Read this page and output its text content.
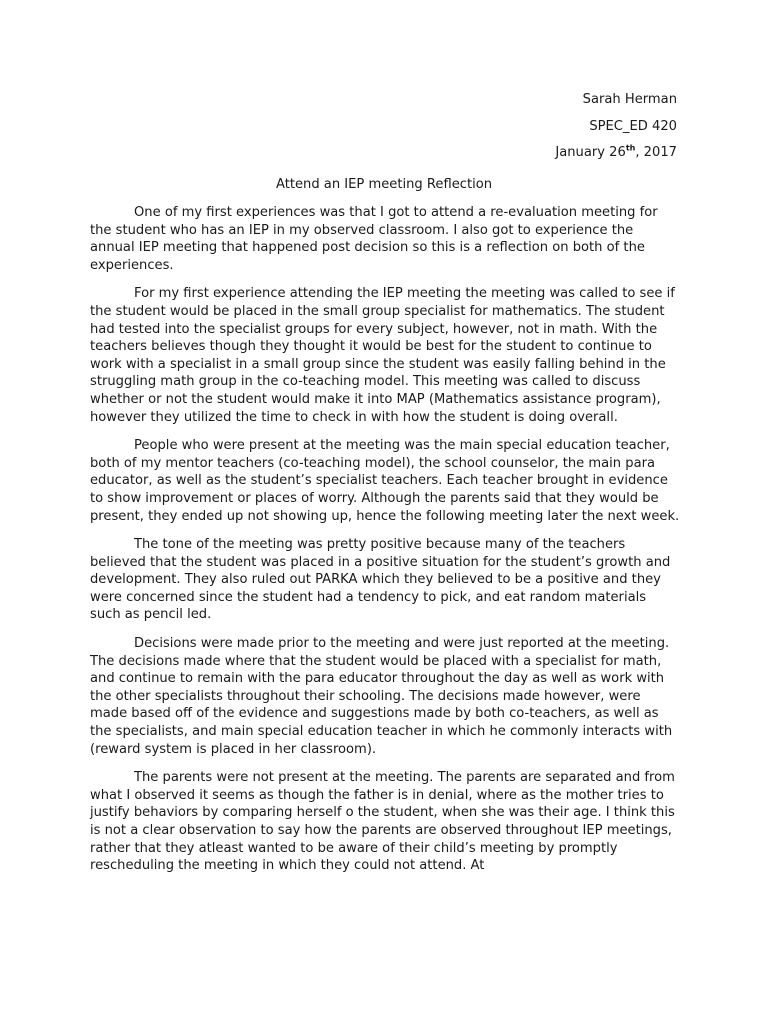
Sarah Herman
SPEC_ED 420
January 26th, 2017
Attend an IEP meeting Reflection

One of my first experiences was that I got to attend a re-evaluation meeting for the student who has an IEP in my observed classroom. I also got to experience the annual IEP meeting that happened post decision so this is a reflection on both of the experiences.

For my first experience attending the IEP meeting the meeting was called to see if the student would be placed in the small group specialist for mathematics. The student had tested into the specialist groups for every subject, however, not in math. With the teachers believes though they thought it would be best for the student to continue to work with a specialist in a small group since the student was easily falling behind in the struggling math group in the co-teaching model. This meeting was called to discuss whether or not the student would make it into MAP (Mathematics assistance program), however they utilized the time to check in with how the student is doing overall.

People who were present at the meeting was the main special education teacher, both of my mentor teachers (co-teaching model), the school counselor, the main para educator, as well as the student’s specialist teachers. Each teacher brought in evidence to show improvement or places of worry. Although the parents said that they would be present, they ended up not showing up, hence the following meeting later the next week.

The tone of the meeting was pretty positive because many of the teachers believed that the student was placed in a positive situation for the student’s growth and development. They also ruled out PARKA which they believed to be a positive and they were concerned since the student had a tendency to pick, and eat random materials such as pencil led.

Decisions were made prior to the meeting and were just reported at the meeting. The decisions made where that the student would be placed with a specialist for math, and continue to remain with the para educator throughout the day as well as work with the other specialists throughout their schooling. The decisions made however, were made based off of the evidence and suggestions made by both co-teachers, as well as the specialists, and main special education teacher in which he commonly interacts with (reward system is placed in her classroom).

The parents were not present at the meeting. The parents are separated and from what I observed it seems as though the father is in denial, where as the mother tries to justify behaviors by comparing herself o the student, when she was their age. I think this is not a clear observation to say how the parents are observed throughout IEP meetings, rather that they atleast wanted to be aware of their child’s meeting by promptly rescheduling the meeting in which they could not attend. At
